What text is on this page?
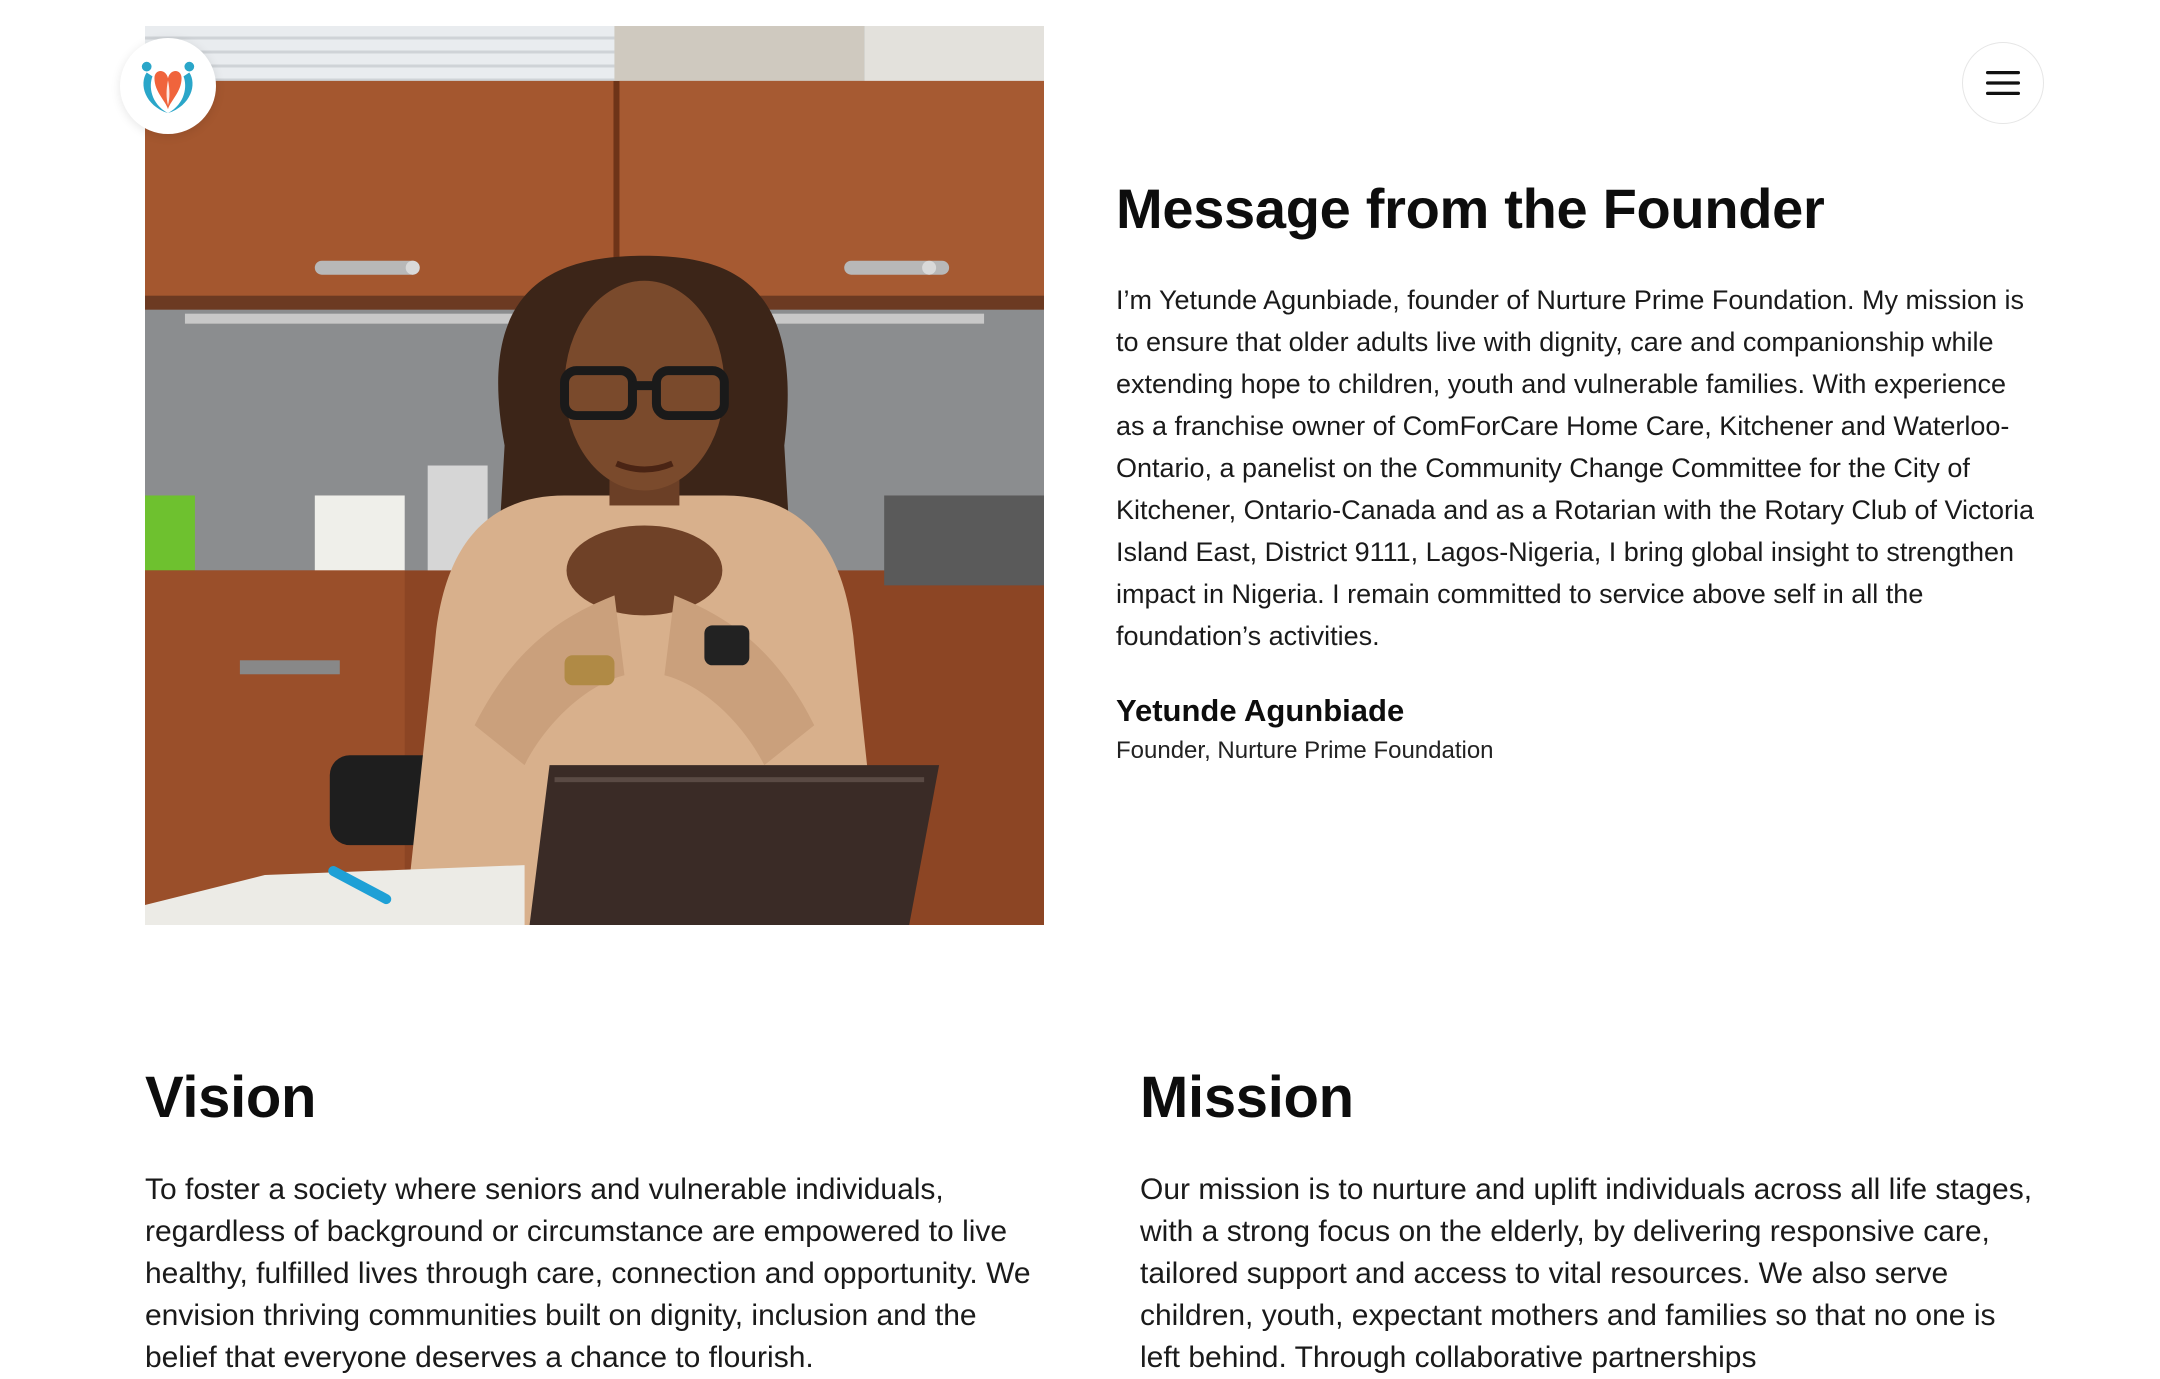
Message from the Founder

I’m Yetunde Agunbiade, founder of Nurture Prime Foundation. My mission is to ensure that older adults live with dignity, care and companionship while extending hope to children, youth and vulnerable families. With experience as a franchise owner of ComForCare Home Care, Kitchener and Waterloo-Ontario, a panelist on the Community Change Committee for the City of Kitchener, Ontario-Canada and as a Rotarian with the Rotary Club of Victoria Island East, District 9111, Lagos-Nigeria, I bring global insight to strengthen impact in Nigeria. I remain committed to service above self in all the foundation’s activities.

Yetunde Agunbiade
Founder, Nurture Prime Foundation
Vision

To foster a society where seniors and vulnerable individuals, regardless of background or circumstance are empowered to live healthy, fulfilled lives through care, connection and opportunity. We envision thriving communities built on dignity, inclusion and the belief that everyone deserves a chance to flourish.

Mission

Our mission is to nurture and uplift individuals across all life stages, with a strong focus on the elderly, by delivering responsive care, tailored support and access to vital resources. We also serve children, youth, expectant mothers and families so that no one is left behind. Through collaborative partnerships
